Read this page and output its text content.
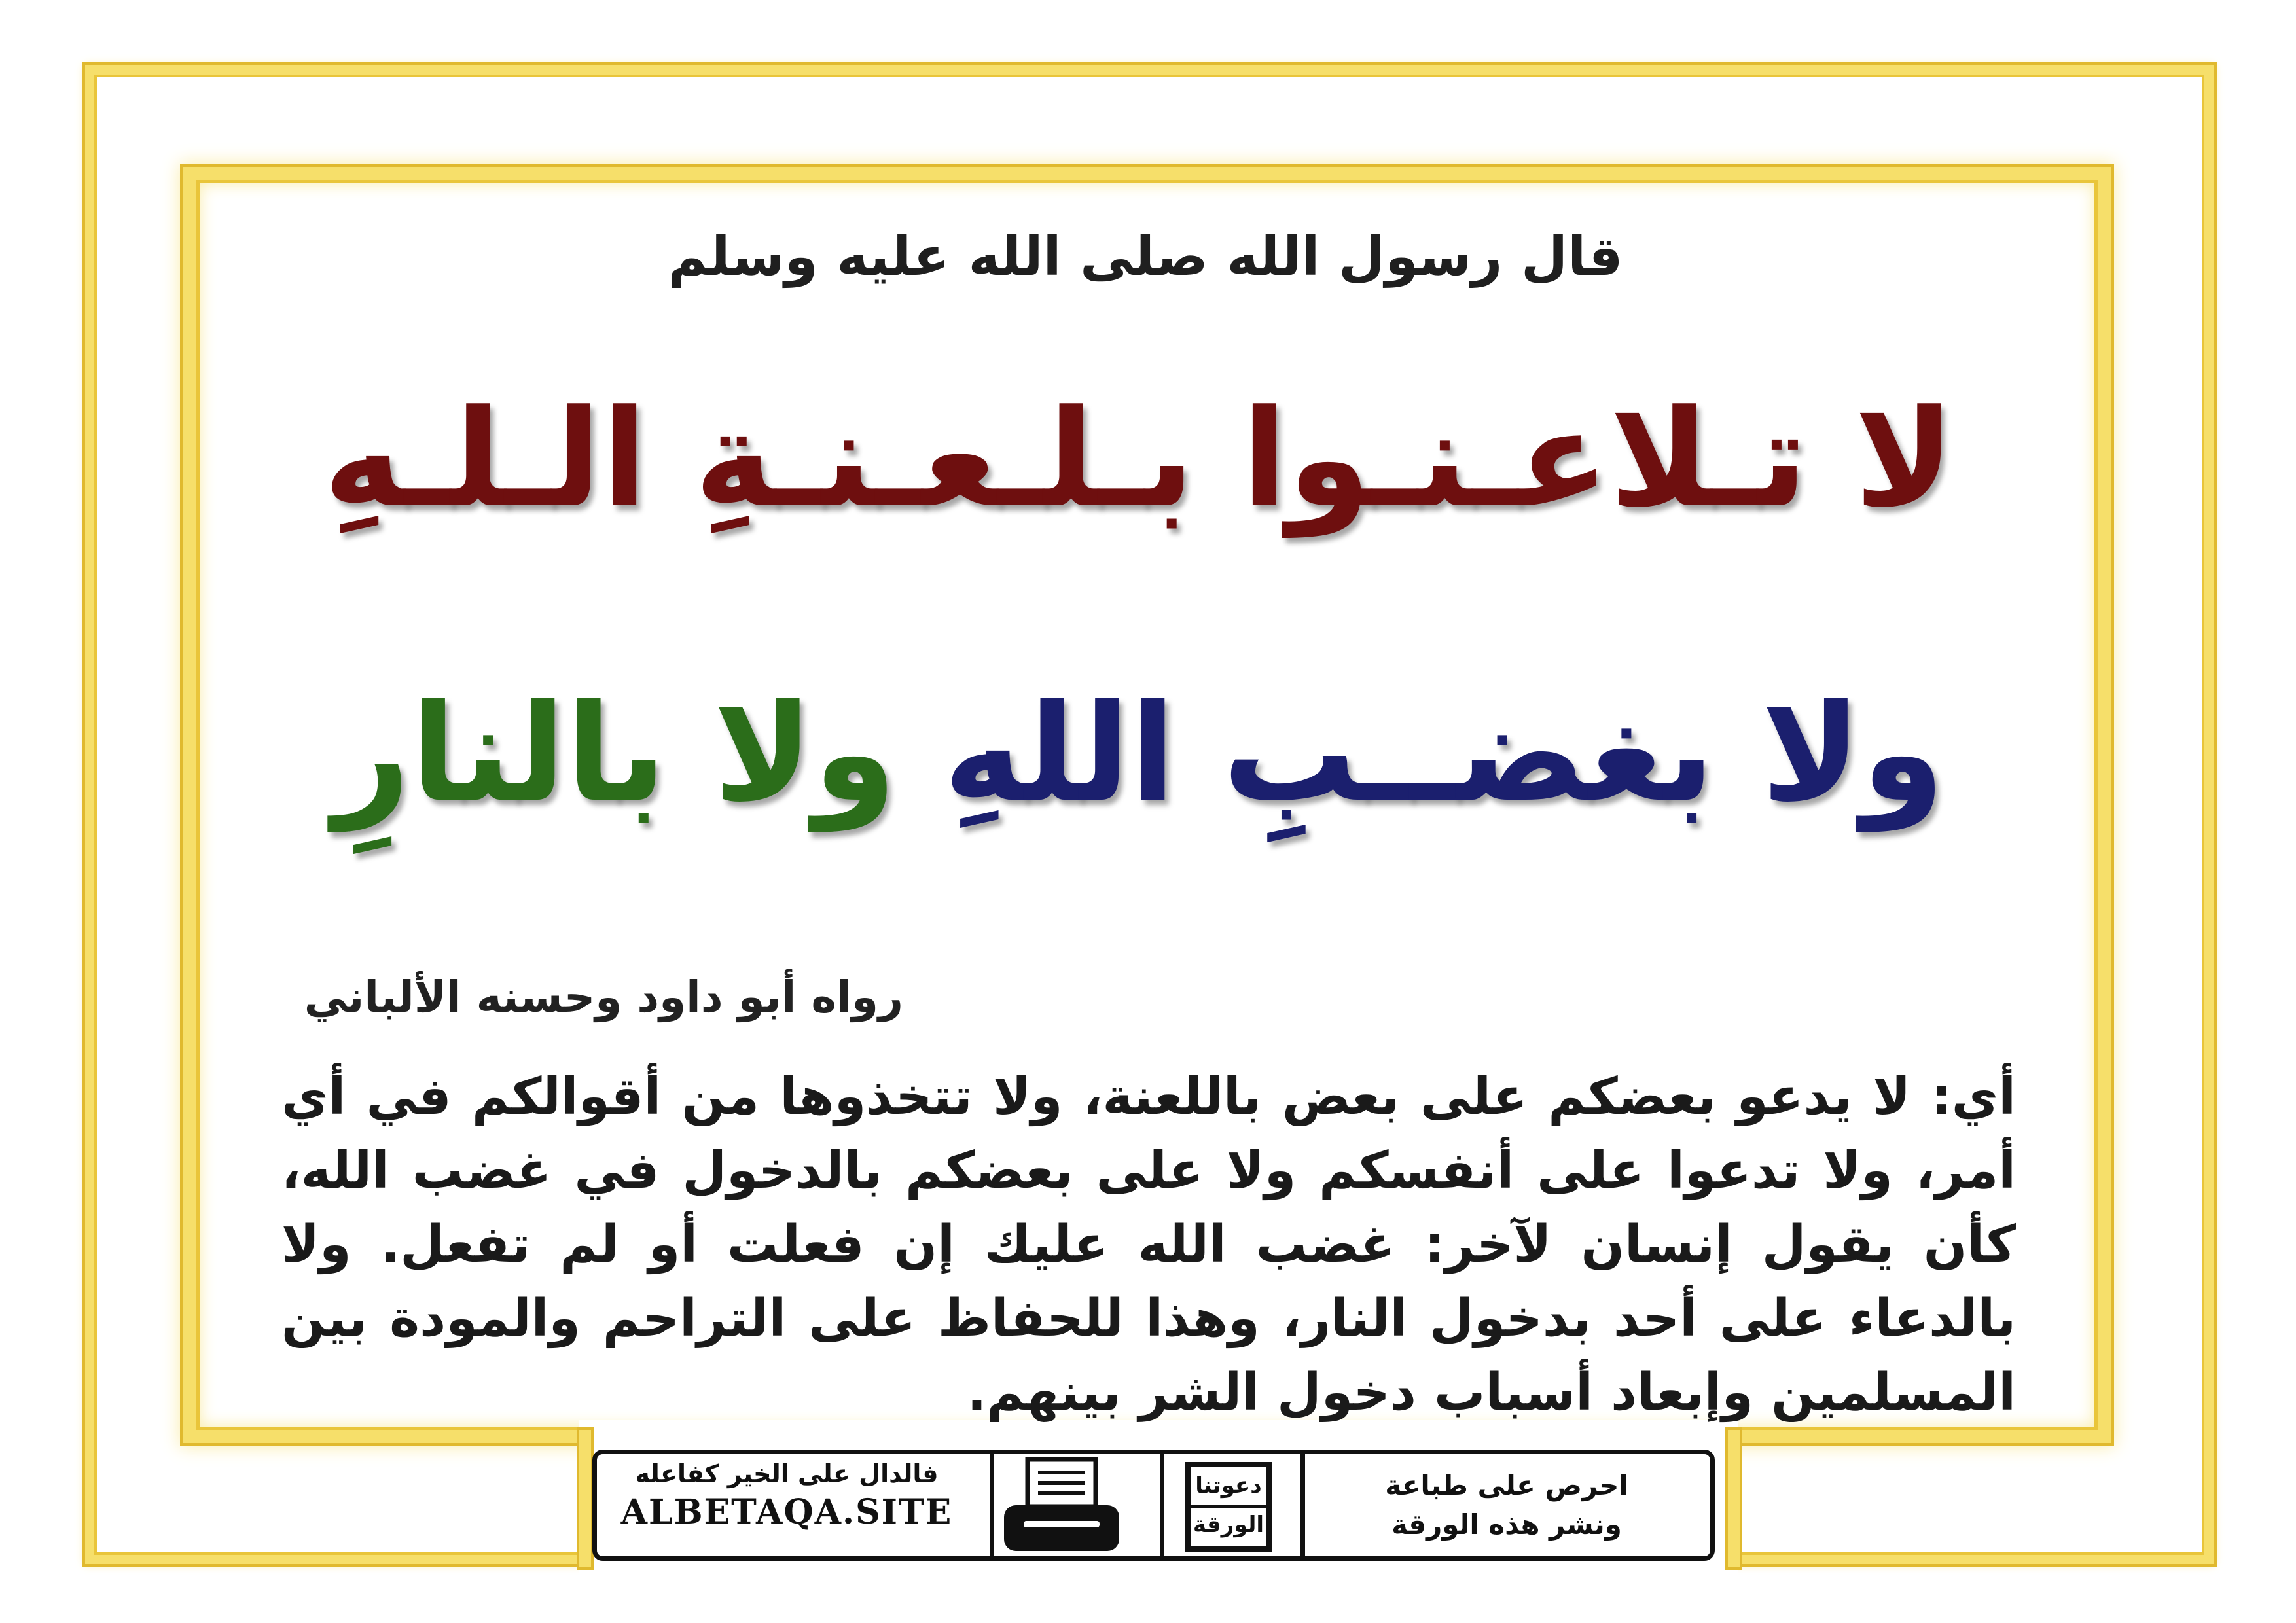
قال رسول الله صلى الله عليه وسلم
لا تـلاعـنـوا بـلـعـنـةِ الـلـهِ
ولا بغضــبِ اللهِ ولا بالنارِ
رواه أبو داود وحسنه الألباني
أي: لا يدعو بعضكم على بعض باللعنة، ولا تتخذوها من أقوالكم في أي أمر، ولا تدعوا على أنفسكم ولا على بعضكم بالدخول في غضب الله، كأن يقول إنسان لآخر: غضب الله عليك إن فعلت أو لم تفعل. ولا بالدعاء على أحد بدخول النار، وهذا للحفاظ على التراحم والمودة بين المسلمين وإبعاد أسباب دخول الشر بينهم.
فالدال على الخير كفاعله
ALBETAQA.SITE
دعوتنا الورقة
احرص على طباعة
ونشر هذه الورقة
